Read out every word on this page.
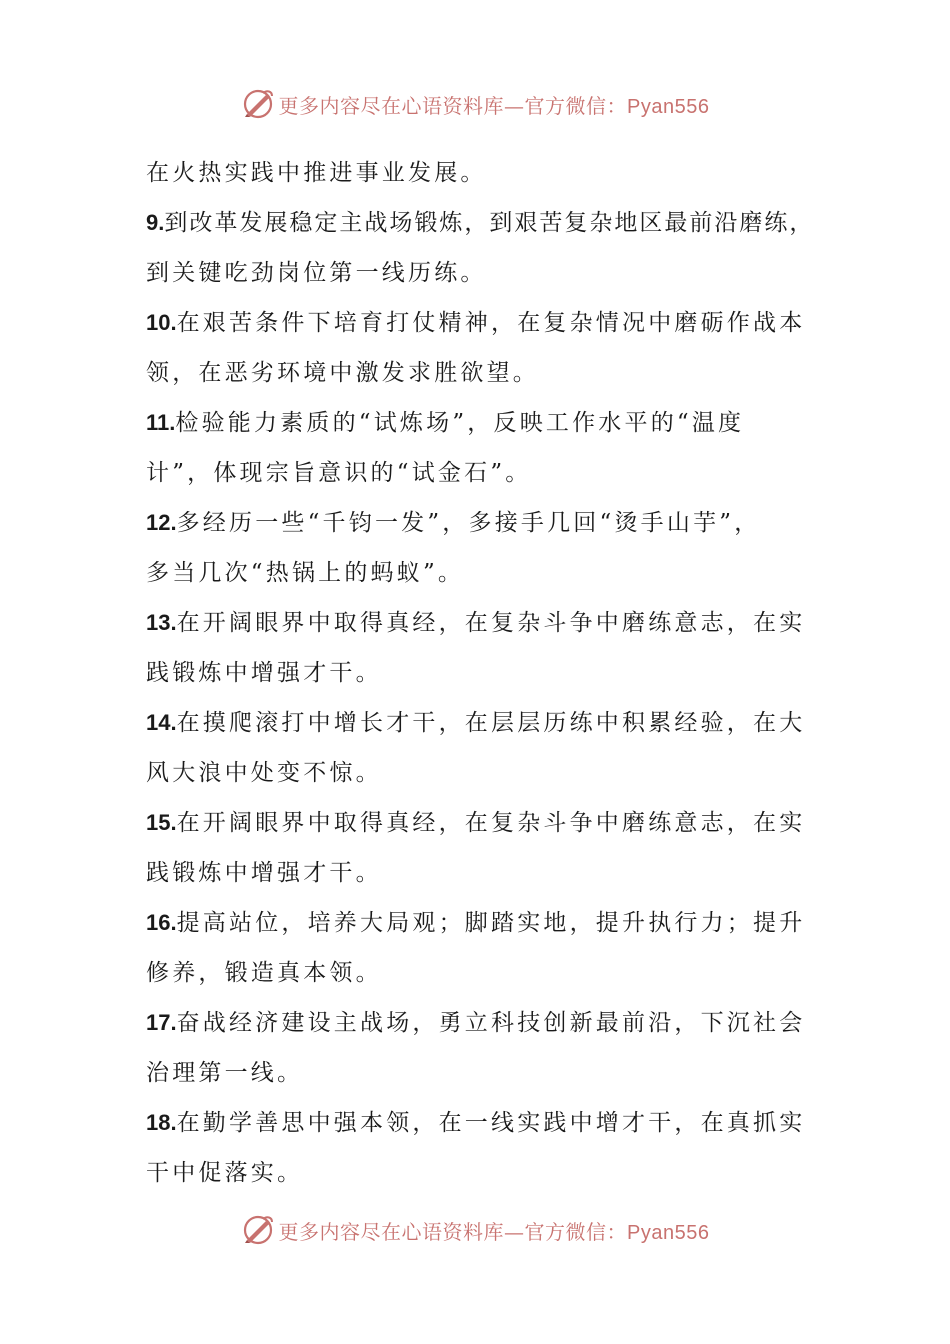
更多内容尽在心语资料库—官方微信：Pyan556
在火热实践中推进事业发展。
9.到改革发展稳定主战场锻炼，到艰苦复杂地区最前沿磨练，
到关键吃劲岗位第一线历练。
10.在艰苦条件下培育打仗精神，在复杂情况中磨砺作战本
领，在恶劣环境中激发求胜欲望。
11.检验能力素质的“试炼场”，反映工作水平的“温度
计”，体现宗旨意识的“试金石”。
12.多经历一些“千钧一发”，多接手几回“烫手山芋”，
多当几次“热锅上的蚂蚁”。
13.在开阔眼界中取得真经，在复杂斗争中磨练意志，在实
践锻炼中增强才干。
14.在摸爬滚打中增长才干，在层层历练中积累经验，在大
风大浪中处变不惊。
15.在开阔眼界中取得真经，在复杂斗争中磨练意志，在实
践锻炼中增强才干。
16.提高站位，培养大局观；脚踏实地，提升执行力；提升
修养，锻造真本领。
17.奋战经济建设主战场，勇立科技创新最前沿，下沉社会
治理第一线。
18.在勤学善思中强本领，在一线实践中增才干，在真抓实
干中促落实。
更多内容尽在心语资料库—官方微信：Pyan556
